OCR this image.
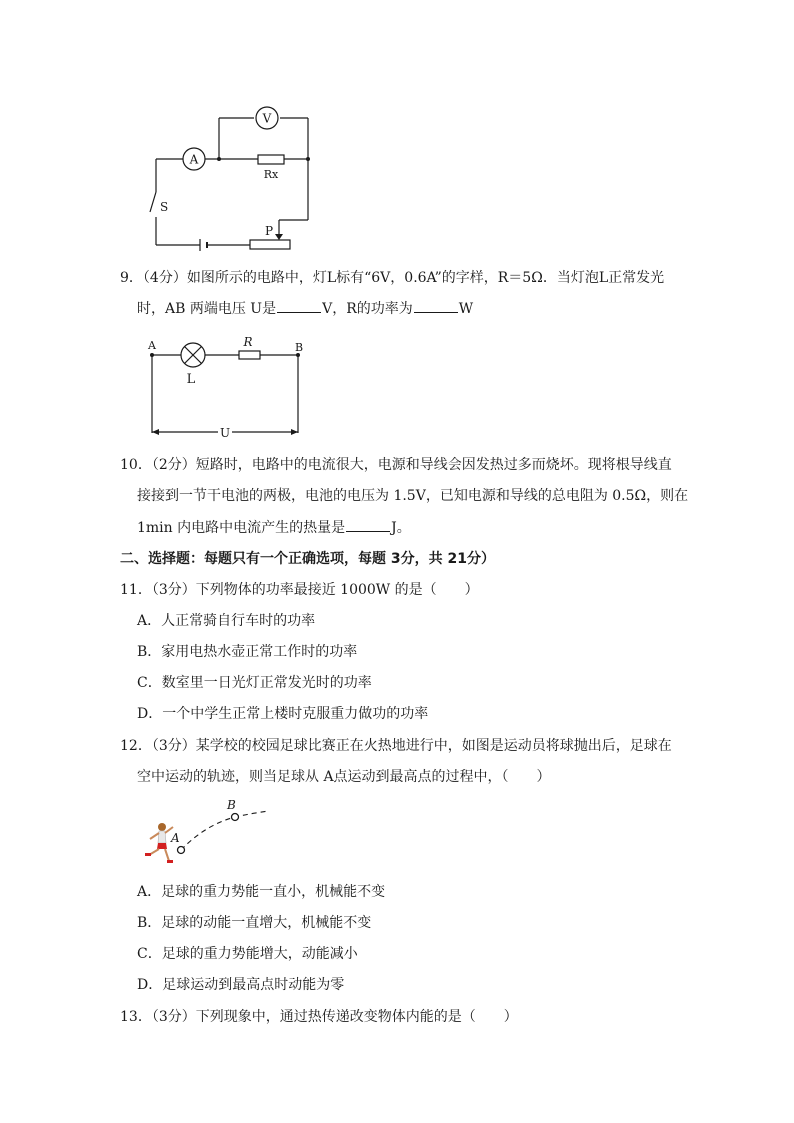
V
A
Rx
S
P
9．（4分）如图所示的电路中，灯L标有“6V，0.6A”的字样，R＝5Ω．当灯泡L正常发光
时，AB 两端电压 U是	V，R的功率为	W
A	B
L
R
U
10．（2分）短路时，电路中的电流很大，电源和导线会因发热过多而烧坏。现将根导线直
接接到一节干电池的两极，电池的电压为 1.5V，已知电源和导线的总电阻为 0.5Ω，则在
1min 内电路中电流产生的热量是	J。
二、选择题：每题只有一个正确选项，每题 3分，共 21分）
11．（3分）下列物体的功率最接近 1000W 的是（　　）
A．人正常骑自行车时的功率
B．家用电热水壶正常工作时的功率
C．数室里一日光灯正常发光时的功率
D．一个中学生正常上楼时克服重力做功的功率
12．（3分）某学校的校园足球比赛正在火热地进行中，如图是运动员将球抛出后，足球在
空中运动的轨迹，则当足球从 A点运动到最高点的过程中，（　　）
A
B
A．足球的重力势能一直小，机械能不变
B．足球的动能一直增大，机械能不变
C．足球的重力势能增大，动能减小
D．足球运动到最高点时动能为零
13．（3分）下列现象中，通过热传递改变物体内能的是（　　）
